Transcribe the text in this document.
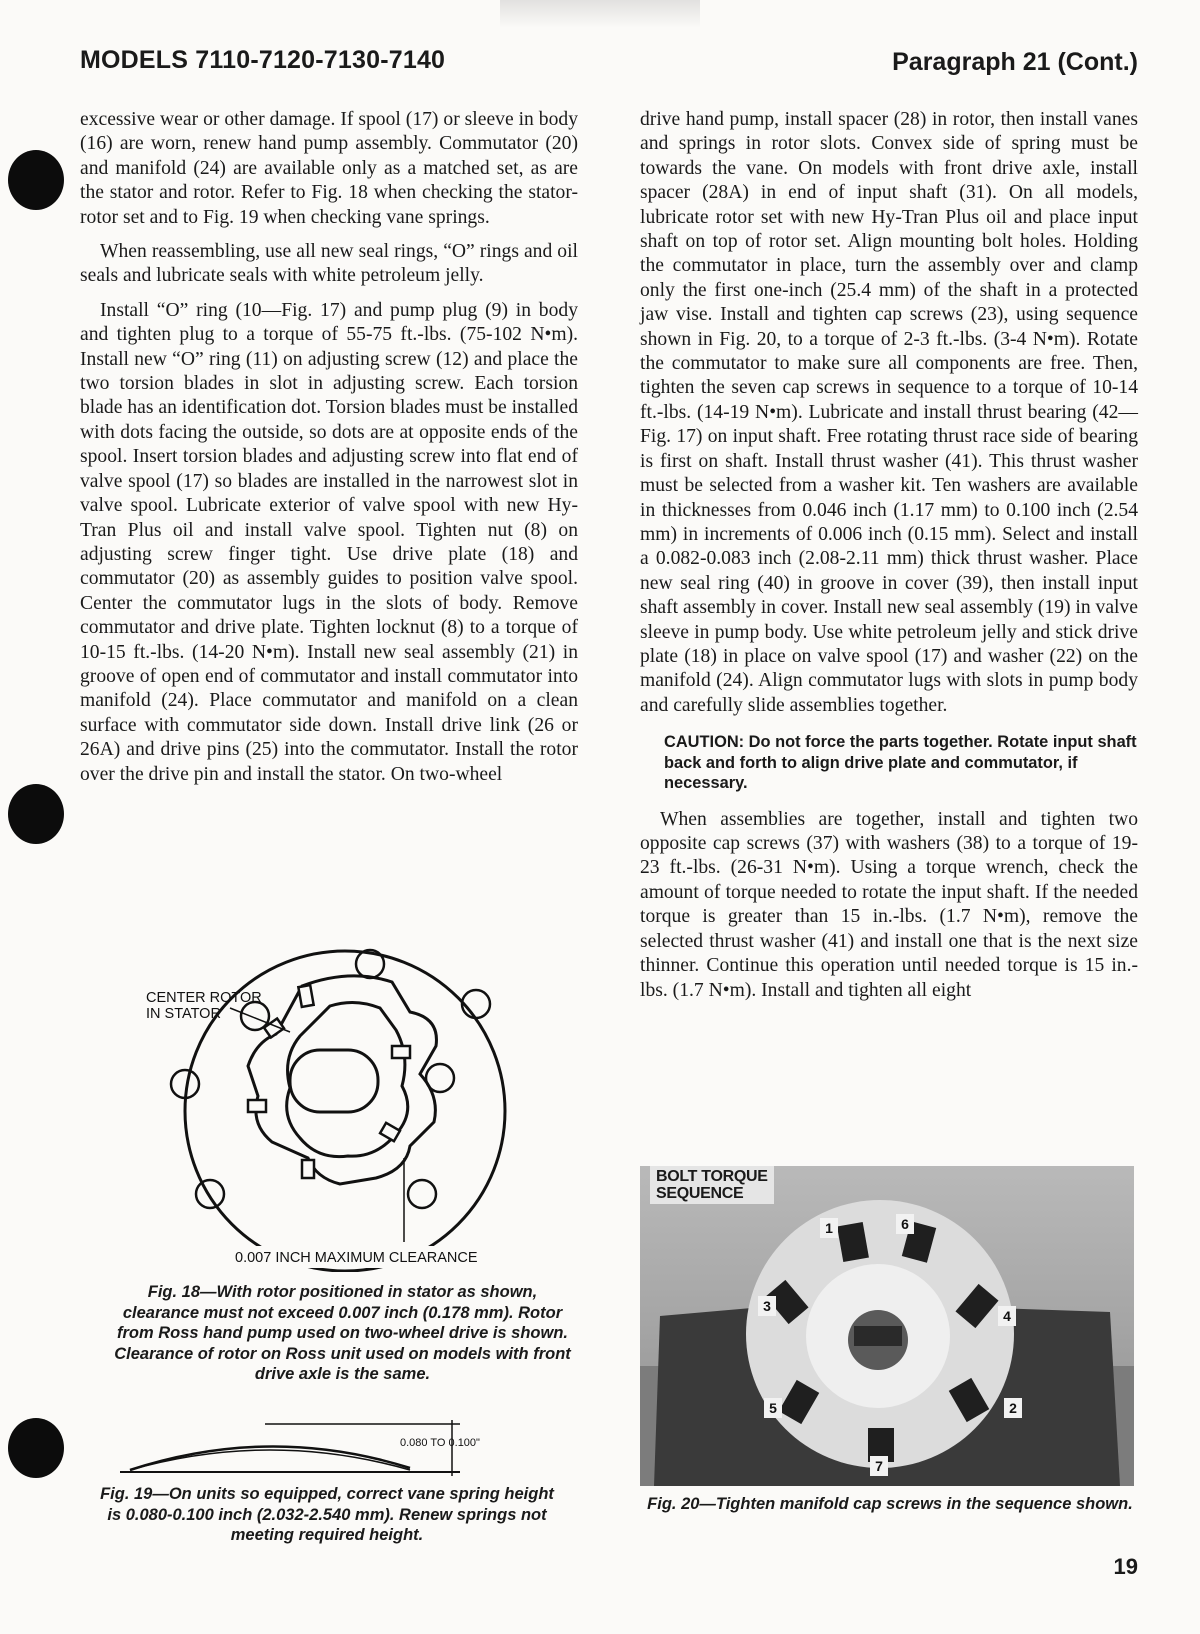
MODELS 7110-7120-7130-7140	Paragraph 21 (Cont.)

excessive wear or other damage. If spool (17) or sleeve in body (16) are worn, renew hand pump assembly. Commutator (20) and manifold (24) are available only as a matched set, as are the stator and rotor. Refer to Fig. 18 when checking the stator-rotor set and to Fig. 19 when checking vane springs.

When reassembling, use all new seal rings, “O” rings and oil seals and lubricate seals with white petroleum jelly.

Install “O” ring (10—Fig. 17) and pump plug (9) in body and tighten plug to a torque of 55-75 ft.-lbs. (75-102 N•m). Install new “O” ring (11) on adjusting screw (12) and place the two torsion blades in slot in adjusting screw. Each torsion blade has an identification dot. Torsion blades must be installed with dots facing the outside, so dots are at opposite ends of the spool. Insert torsion blades and adjusting screw into flat end of valve spool (17) so blades are installed in the narrowest slot in valve spool. Lubricate exterior of valve spool with new Hy-Tran Plus oil and install valve spool. Tighten nut (8) on adjusting screw finger tight. Use drive plate (18) and commutator (20) as assembly guides to position valve spool. Center the commutator lugs in the slots of body. Remove commutator and drive plate. Tighten locknut (8) to a torque of 10-15 ft.-lbs. (14-20 N•m). Install new seal assembly (21) in groove of open end of commutator and install commutator into manifold (24). Place commutator and manifold on a clean surface with commutator side down. Install drive link (26 or 26A) and drive pins (25) into the commutator. Install the rotor over the drive pin and install the stator. On two-wheel

drive hand pump, install spacer (28) in rotor, then install vanes and springs in rotor slots. Convex side of spring must be towards the vane. On models with front drive axle, install spacer (28A) in end of input shaft (31). On all models, lubricate rotor set with new Hy-Tran Plus oil and place input shaft on top of rotor set. Align mounting bolt holes. Holding the commutator in place, turn the assembly over and clamp only the first one-inch (25.4 mm) of the shaft in a protected jaw vise. Install and tighten cap screws (23), using sequence shown in Fig. 20, to a torque of 2-3 ft.-lbs. (3-4 N•m). Rotate the commutator to make sure all components are free. Then, tighten the seven cap screws in sequence to a torque of 10-14 ft.-lbs. (14-19 N•m). Lubricate and install thrust bearing (42—Fig. 17) on input shaft. Free rotating thrust race side of bearing is first on shaft. Install thrust washer (41). This thrust washer must be selected from a washer kit. Ten washers are available in thicknesses from 0.046 inch (1.17 mm) to 0.100 inch (2.54 mm) in increments of 0.006 inch (0.15 mm). Select and install a 0.082-0.083 inch (2.08-2.11 mm) thick thrust washer. Place new seal ring (40) in groove in cover (39), then install input shaft assembly in cover. Install new seal assembly (19) in valve sleeve in pump body. Use white petroleum jelly and stick drive plate (18) in place on valve spool (17) and washer (22) on the manifold (24). Align commutator lugs with slots in pump body and carefully slide assemblies together.

CAUTION: Do not force the parts together. Rotate input shaft back and forth to align drive plate and commutator, if necessary.

When assemblies are together, install and tighten two opposite cap screws (37) with washers (38) to a torque of 19-23 ft.-lbs. (26-31 N•m). Using a torque wrench, check the amount of torque needed to rotate the input shaft. If the needed torque is greater than 15 in.-lbs. (1.7 N•m), remove the selected thrust washer (41) and install one that is the next size thinner. Continue this operation until needed torque is 15 in.-lbs. (1.7 N•m). Install and tighten all eight

CENTER ROTOR
IN STATOR
0.007 INCH MAXIMUM CLEARANCE
Fig. 18—With rotor positioned in stator as shown, clearance must not exceed 0.007 inch (0.178 mm). Rotor from Ross hand pump used on two-wheel drive is shown. Clearance of rotor on Ross unit used on models with front drive axle is the same.
0.080 TO 0.100"
Fig. 19—On units so equipped, correct vane spring height is 0.080-0.100 inch (2.032-2.540 mm). Renew springs not meeting required height.
BOLT TORQUE
SEQUENCE
1	6
3
4
5	2
7
Fig. 20—Tighten manifold cap screws in the sequence shown.
19
